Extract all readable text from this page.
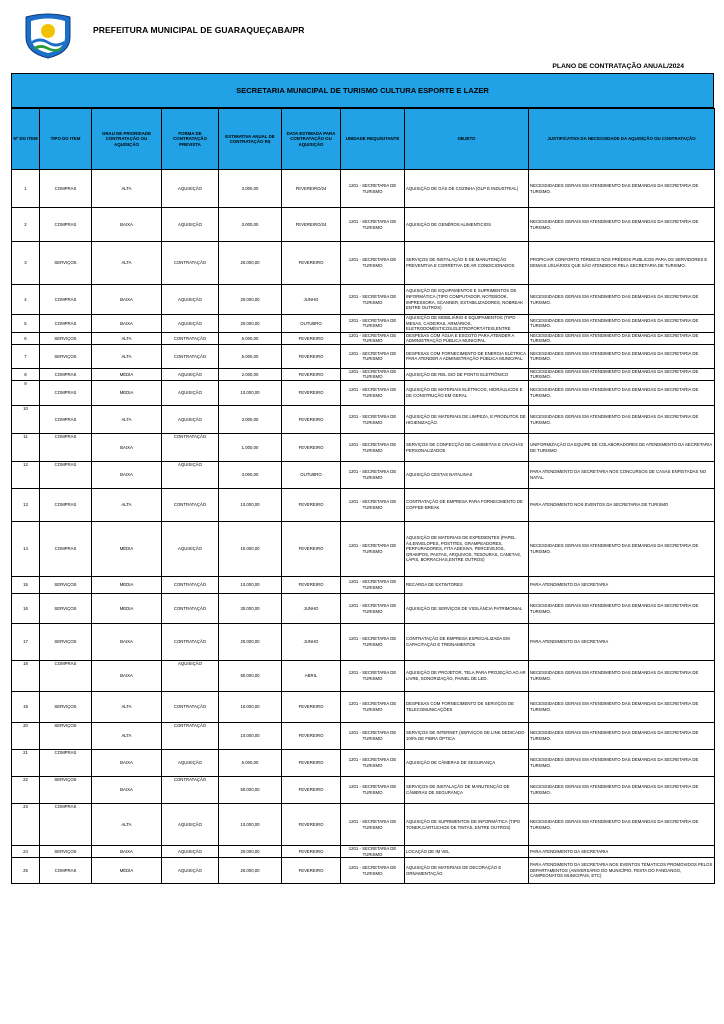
PREFEITURA MUNICIPAL DE GUARAQUEÇABA/PR
PLANO DE CONTRATAÇÃO ANUAL/2024
SECRETARIA MUNICIPAL DE TURISMO CULTURA ESPORTE E LAZER
Nº DO ITEM	TIPO DO ITEM	GRAU DE PRIORIDADE CONTRATAÇÃO OU AQUISIÇÃO	FORMA DE CONTRATAÇÃO PREVISTA	ESTIMATIVA ANUAL DE CONTRATAÇÃO R$	DATA ESTIMADA PARA CONTRATAÇÃO OU AQUISIÇÃO	UNIDADE REQUISITANTE	OBJETO	JUSTIFICATIVA DA NECESSIDADE DA AQUISIÇÃO OU CONTRATAÇÃO
1	COMPRAS	ALTA	AQUISIÇÃO	3.000,00	FEVEREIRO/24	1201 - SECRETARIA DE TURISMO	AQUISIÇÃO DE GÁS DE COZINHA (GLP E INDUSTRIAL)	NECESSIDADES GERAIS EM ATENDIMENTO DAS DEMANDAS DA SECRETARIA DE TURISMO.
2	COMPRAS	BAIXA	AQUISIÇÃO	3.000,00	FEVEREIRO/24	1201 - SECRETARIA DE TURISMO	AQUISIÇÃO DE GENÊROS ALIMENTICIOS	NECESSIDADES GERAIS EM ATENDIMENTO DAS DEMANDAS DA SECRETARIA DE TURISMO.
3	SERVIÇOS	ALTA	CONTRATAÇÃO	20.000,00	FEVEREIRO	1201 - SECRETARIA DE TURISMO	SERVIÇOS DE INSTALAÇÃO E DE MANUTENÇÃO PREVENTIVA E CORRETIVA DE AR CONDICIONADOS	PROPICIAR CONFORTO TÉRMICO NOS PRÉDIOS PUBLICOS PARA OS SERVIDORES E DEMAIS USUÁRIOS QUE SÃO ATENDIDOS PELA SECRETARIA DE TURISMO.
4	COMPRAS	BAIXA	AQUISIÇÃO	20.000,00	JUNHO	1201 - SECRETARIA DE TURISMO	AQUISIÇÃO DE EQUIPAMENTOS E SUPRIMENTOS DE INFORMÁTICA (TIPO COMPUTADOR, NOTEBOOK, IMPRESSORA, SCANNER, ESTABILIZADORES, NOBREAK ENTRE OUTROS)	NECESSIDADES GERAIS EM ATENDIMENTO DAS DEMANDAS DA SECRETARIA DE TURISMO.
5	COMPRAS	BAIXA	AQUISIÇÃO	20.000,00	OUTUBRO	1201 - SECRETARIA DE TURISMO	AQUISIÇÃO DE MOBILIÁRIO E EQUIPAMENTOS (TIPO MESAS, CADEIRAS, ARMÁRIOS, ELETRODOMÉSTICOS,ELETROPORTÁTEIS,ENTRE	NECESSIDADES GERAIS EM ATENDIMENTO DAS DEMANDAS DA SECRETARIA DE TURISMO.
6	SERVIÇOS	ALTA	CONTRATAÇÃO	5.000,00	FEVEREIRO	1201 - SECRETARIA DE TURISMO	DESPESAS COM ÁGUA E ESGOTO PARA ATENDER A ADMINISTRAÇÃO PÚBLICA MUNICIPAL	NECESSIDADES GERAIS EM ATENDIMENTO DAS DEMANDAS DA SECRETARIA DE TURISMO.
7	SERVIÇOS	ALTA	CONTRATAÇÃO	5.000,00	FEVEREIRO	1201 - SECRETARIA DE TURISMO	DESPESAS COM FORNECIMENTO DE ENERGIA ELÉTRICA PARA ATENDER A ADMINISTRAÇÃO PÚBLICA MUNICIPAL.	NECESSIDADES GERAIS EM ATENDIMENTO DAS DEMANDAS DA SECRETARIA DE TURISMO.
8	COMPRAS	MÉDIA	AQUISIÇÃO	2.000,00	FEVEREIRO	1201 - SECRETARIA DE TURISMO	AQUISIÇÃO DE REL GIO DE PONTO ELETRÔNICO	NECESSIDADES GERAIS EM ATENDIMENTO DAS DEMANDAS DA SECRETARIA DE TURISMO.
9	COMPRAS	MÉDIA	AQUISIÇÃO	10.000,00	FEVEREIRO	1201 - SECRETARIA DE TURISMO	AQUISIÇÃO DE MATERIAIS ELÉTRICOS, HIDRÁULICOS E DE CONSTRUÇÃO EM GERAL	NECESSIDADES GERAIS EM ATENDIMENTO DAS DEMANDAS DA SECRETARIA DE TURISMO.
10	COMPRAS	ALTA	AQUISIÇÃO	3.000,00	FEVEREIRO	1201 - SECRETARIA DE TURISMO	AQUISIÇÃO DE MATERIAIS DE LIMPEZA, E PRODUTOS DE HIGIENIZAÇÃO.	NECESSIDADES GERAIS EM ATENDIMENTO DAS DEMANDAS DA SECRETARIA DE TURISMO.
11	COMPRAS	BAIXA	CONTRATAÇÃO	1.000,00	FEVEREIRO	1201 - SECRETARIA DE TURISMO	SERVIÇOS DE CONFECÇÃO DE CAMISETAS E CRACHÁS PERSONALIZADOS	UNIFORMIZAÇÃO DA EQUIPE DE COLABORADORES DE ATENDIMENTO DA SECRETARIA DE TURISMO
12	COMPRAS	BAIXA	AQUISIÇÃO	3.000,00	OUTUBRO	1201 - SECRETARIA DE TURISMO	AQUISIÇÃO CESTAS NATALINAS	PARA ATENDIMENTO DA SECRETARIA NOS CONCURSOS DE CASAS ENFEITADAS NO NATAL.
13	COMPRAS	ALTA	CONTRATAÇÃO	10.000,00	FEVEREIRO	1201 - SECRETARIA DE TURISMO	CONTRATAÇÃO DE EMPRESA PARA FORNECIMENTO DE COFFEE-BREAK	PARA ATENDIMENTO NOS EVENTOS DA SECRETARIA DE TURISMO
14	COMPRAS	MÉDIA	AQUISIÇÃO	10.000,00	FEVEREIRO	1201 - SECRETARIA DE TURISMO	AQUISIÇÃO DE MATERIAIS DE EXPEDIENTES (PAPEL A4,ENVELOPES, POSTITES, GRAMPEADORES, PERFURADORES, FITA ADESIVA, PERCEVEJOS, GRAMPOS, PASTAS, ARQUIVOS, TESOURAS, CANETAS, LÁPIS, BORRACHAS,ENTRE OUTROS)	NECESSIDADES GERAIS EM ATENDIMENTO DAS DEMANDAS DA SECRETARIA DE TURISMO.
15	SERVIÇOS	MÉDIA	CONTRATAÇÃO	10.000,00	FEVEREIRO	1201 - SECRETARIA DE TURISMO	RECARGA DE EXTINTORES	PARA ATENDIMENTO DA SECRETARIA
16	SERVIÇOS	MÉDIA	CONTRATAÇÃO	30.000,00	JUNHO	1201 - SECRETARIA DE TURISMO	AQUISIÇÃO DE SERVIÇOS DE VIGILÂNCIA PATRIMONIAL	NECESSIDADES GERAIS EM ATENDIMENTO DAS DEMANDAS DA SECRETARIA DE TURISMO.
17	SERVIÇOS	BAIXA	CONTRATAÇÃO	20.000,00	JUNHO	1201 - SECRETARIA DE TURISMO	CONTRATAÇÃO DE EMPRESA ESPECIALIZADA EM CAPACITAÇÃO E TREINAMENTOS	PARA ATENDIMENTO DA SECRETARIA
18	COMPRAS	BAIXA	AQUISIÇÃO	50.000,00	ABRIL	1201 - SECRETARIA DE TURISMO	AQUISIÇÃO DE PROJETOR, TELA PARA PROJEÇÃO AO AR LIVRE, SONORIZAÇÃO, PAINEL DE LED.	NECESSIDADES GERAIS EM ATENDIMENTO DAS DEMANDAS DA SECRETARIA DE TURISMO.
19	SERVIÇOS	ALTA	CONTRATAÇÃO	10.000,00	FEVEREIRO	1201 - SECRETARIA DE TURISMO	DESPESAS COM FORNECIMENTO DE SERVIÇOS DE TELECOMUNICAÇÕES	NECESSIDADES GERAIS EM ATENDIMENTO DAS DEMANDAS DA SECRETARIA DE TURISMO.
20	SERVIÇOS	ALTA	CONTRATAÇÃO	10.000,00	FEVEREIRO	1201 - SECRETARIA DE TURISMO	SERVIÇOS DE INTERNET (SERVIÇOS DE LINK DEDICADO 100% DE FIBRA ÓPTICA	NECESSIDADES GERAIS EM ATENDIMENTO DAS DEMANDAS DA SECRETARIA DE TURISMO.
21	COMPRAS	BAIXA	AQUISIÇÃO	5.000,00	FEVEREIRO	1201 - SECRETARIA DE TURISMO	AQUISIÇÃO DE CÂMERAS DE SEGURANÇA	NECESSIDADES GERAIS EM ATENDIMENTO DAS DEMANDAS DA SECRETARIA DE TURISMO.
22	SERVIÇOS	BAIXA	CONTRATAÇÃO	50.000,00	FEVEREIRO	1201 - SECRETARIA DE TURISMO	SERVIÇOS DE INSTALAÇÃO DE MANUTENÇÃO DE CÂMERAS DE SEGURANÇA	NECESSIDADES GERAIS EM ATENDIMENTO DAS DEMANDAS DA SECRETARIA DE TURISMO.
23	COMPRAS	ALTA	AQUISIÇÃO	10.000,00	FEVEREIRO	1201 - SECRETARIA DE TURISMO	AQUISIÇÃO DE SUPRIMENTOS DE INFORMÁTICA (TIPO TONER,CARTUCHOS DE TINTAS, ENTRE OUTROS)	NECESSIDADES GERAIS EM ATENDIMENTO DAS DEMANDAS DA SECRETARIA DE TURISMO.
24	SERVIÇOS	BAIXA	AQUISIÇÃO	20.000,00	FEVEREIRO	1201 - SECRETARIA DE TURISMO	LOCAÇÃO DE IM VEL	PARA ATENDIMENTO DA SECRETARIA
25	COMPRAS	MÉDIA	AQUISIÇÃO	20.000,00	FEVEREIRO	1201 - SECRETARIA DE TURISMO	AQUISIÇÃO DE MATERIAIS DE DECORAÇÃO E ORNAMENTAÇÃO	PARA ATENDIMENTO DA SECRETARIA NOS EVENTOS TEMATICOS PROMOVIDOS PELOS DEPARTAMENTOS (ANIVERSÁRIO DO MUNICÍPIO, FESTA DO FANDANGO, CAMPEONATOS MUNICIPAIS, ETC)
